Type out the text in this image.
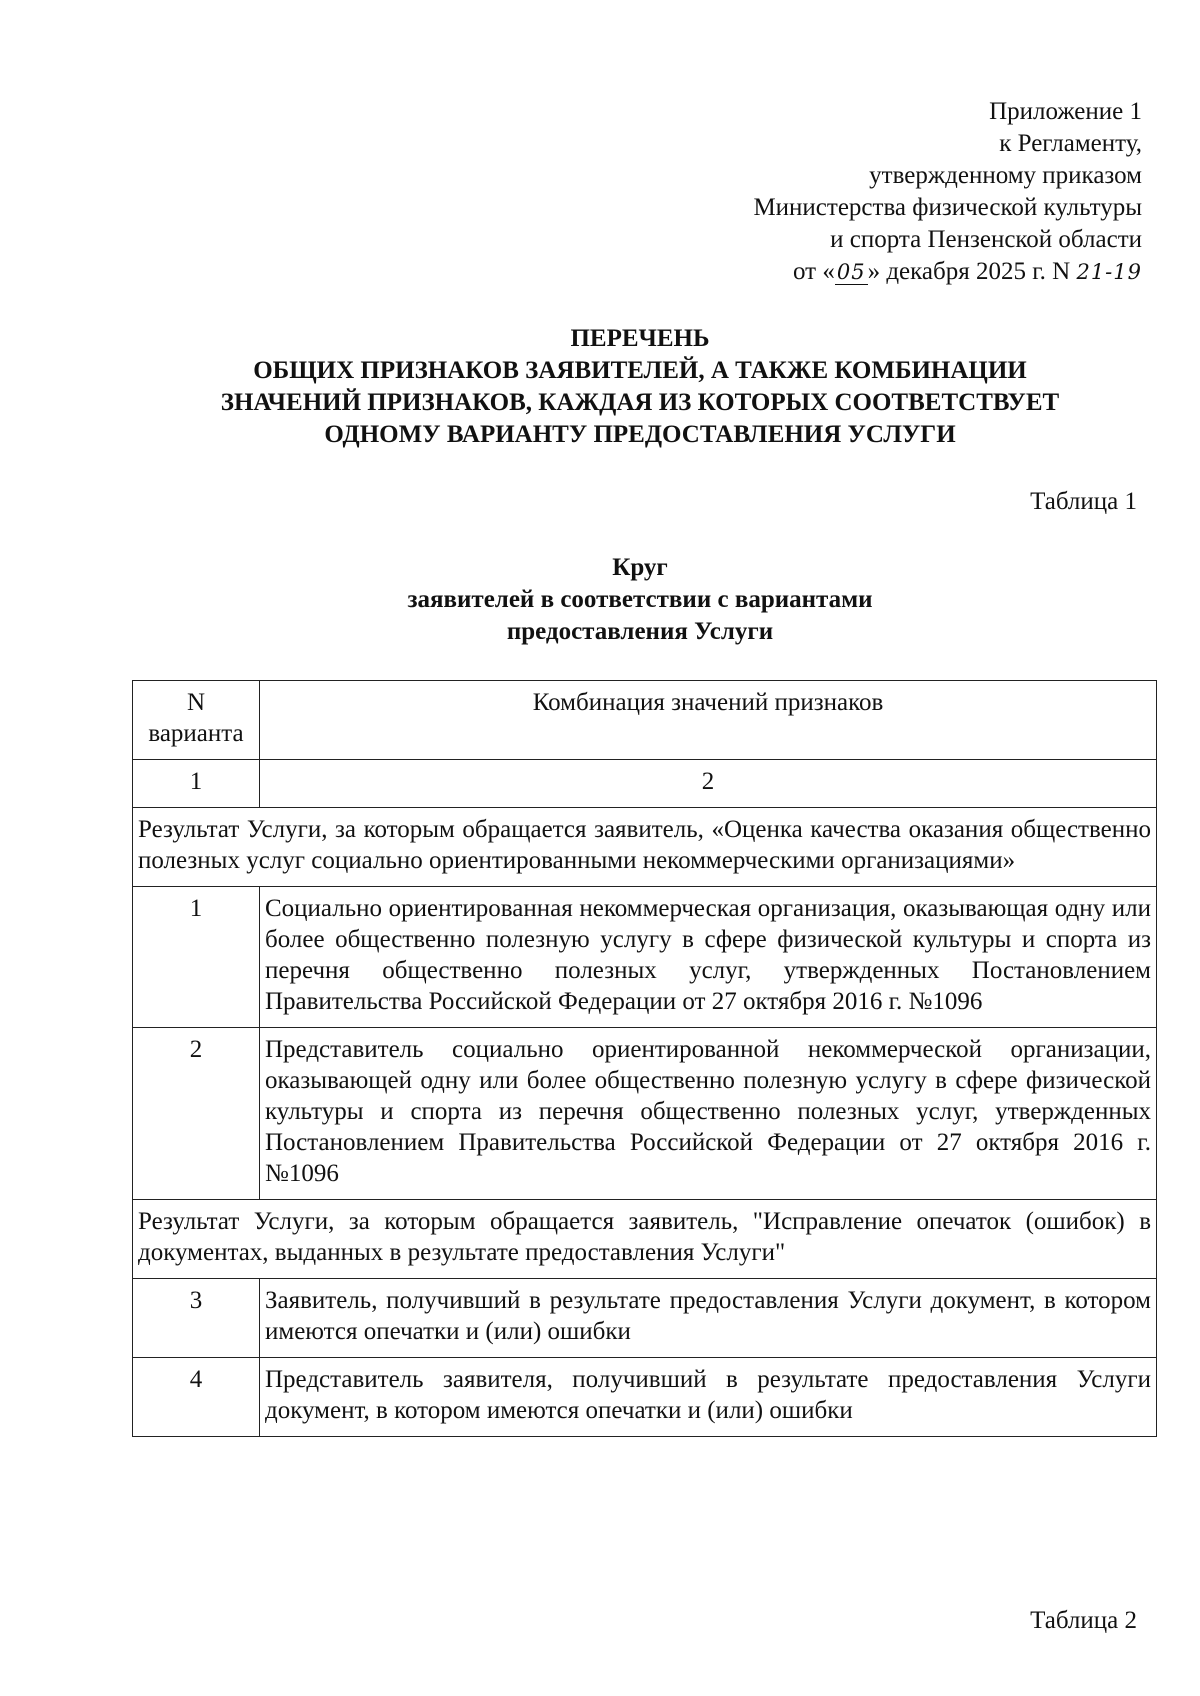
Приложение 1
к Регламенту,
утвержденному приказом
Министерства физической культуры
и спорта Пензенской области
от «05» декабря 2025 г. N 21-19
ПЕРЕЧЕНЬ
ОБЩИХ ПРИЗНАКОВ ЗАЯВИТЕЛЕЙ, А ТАКЖЕ КОМБИНАЦИИ
ЗНАЧЕНИЙ ПРИЗНАКОВ, КАЖДАЯ ИЗ КОТОРЫХ СООТВЕТСТВУЕТ
ОДНОМУ ВАРИАНТУ ПРЕДОСТАВЛЕНИЯ УСЛУГИ
Таблица 1
Круг
заявителей в соответствии с вариантами
предоставления Услуги
N варианта	Комбинация значений признаков
1	2
Результат Услуги, за которым обращается заявитель, «Оценка качества оказания общественно полезных услуг социально ориентированными некоммерческими организациями»	
1	Социально ориентированная некоммерческая организация, оказывающая одну или более общественно полезную услугу в сфере физической культуры и спорта из перечня общественно полезных услуг, утвержденных Постановлением Правительства Российской Федерации от 27 октября 2016 г. №1096
2	Представитель социально ориентированной некоммерческой организации, оказывающей одну или более общественно полезную услугу в сфере физической культуры и спорта из перечня общественно полезных услуг, утвержденных Постановлением Правительства Российской Федерации от 27 октября 2016 г. №1096
Результат Услуги, за которым обращается заявитель, "Исправление опечаток (ошибок) в документах, выданных в результате предоставления Услуги"	
3	Заявитель, получивший в результате предоставления Услуги документ, в котором имеются опечатки и (или) ошибки
4	Представитель заявителя, получивший в результате предоставления Услуги документ, в котором имеются опечатки и (или) ошибки
Таблица 2
